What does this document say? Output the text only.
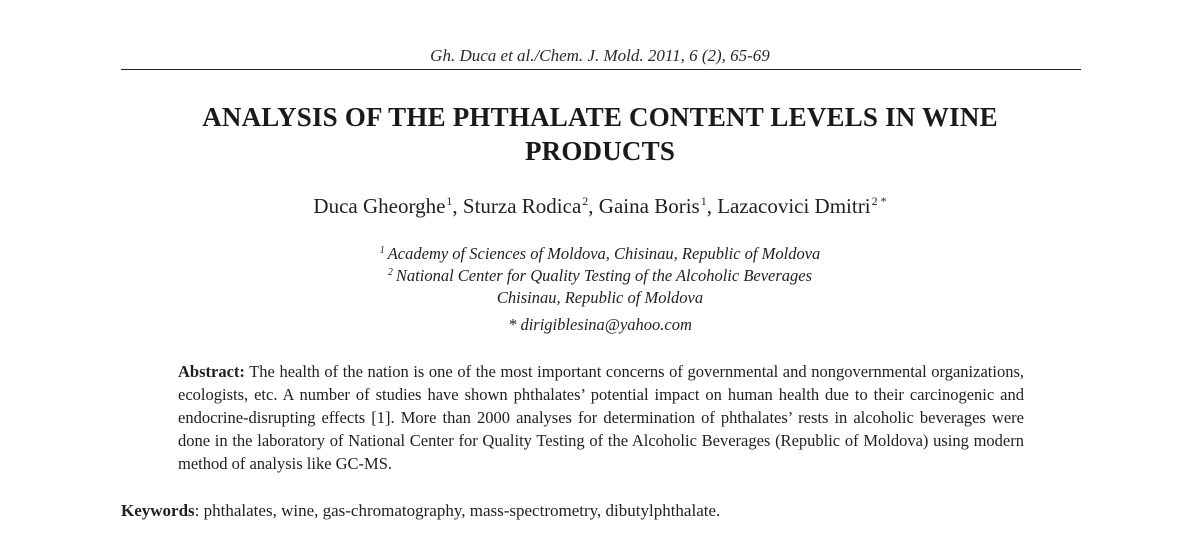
Gh. Duca et al./Chem. J. Mold. 2011, 6 (2), 65-69
ANALYSIS OF THE PHTHALATE CONTENT LEVELS IN WINE
PRODUCTS
Duca Gheorghe$^1$, Sturza Rodica$^2$, Gaina Boris$^1$, Lazacovici Dmitri$^{2 *}$
$^1$ Academy of Sciences of Moldova, Chisinau, Republic of Moldova
$^2$ National Center for Quality Testing of the Alcoholic Beverages
Chisinau, Republic of Moldova
* dirigiblesina@yahoo.com
Abstract: The health of the nation is one of the most important concerns of governmental and nongovernmental organizations, ecologists, etc. A number of studies have shown phthalates’ potential impact on human health due to their carcinogenic and endocrine-disrupting effects [1]. More than 2000 analyses for determination of phthalates’ rests in alcoholic beverages were done in the laboratory of National Center for Quality Testing of the Alcoholic Beverages (Republic of Moldova) using modern method of analysis like GC-MS.
Keywords: phthalates, wine, gas-chromatography, mass-spectrometry, dibutylphthalate.
